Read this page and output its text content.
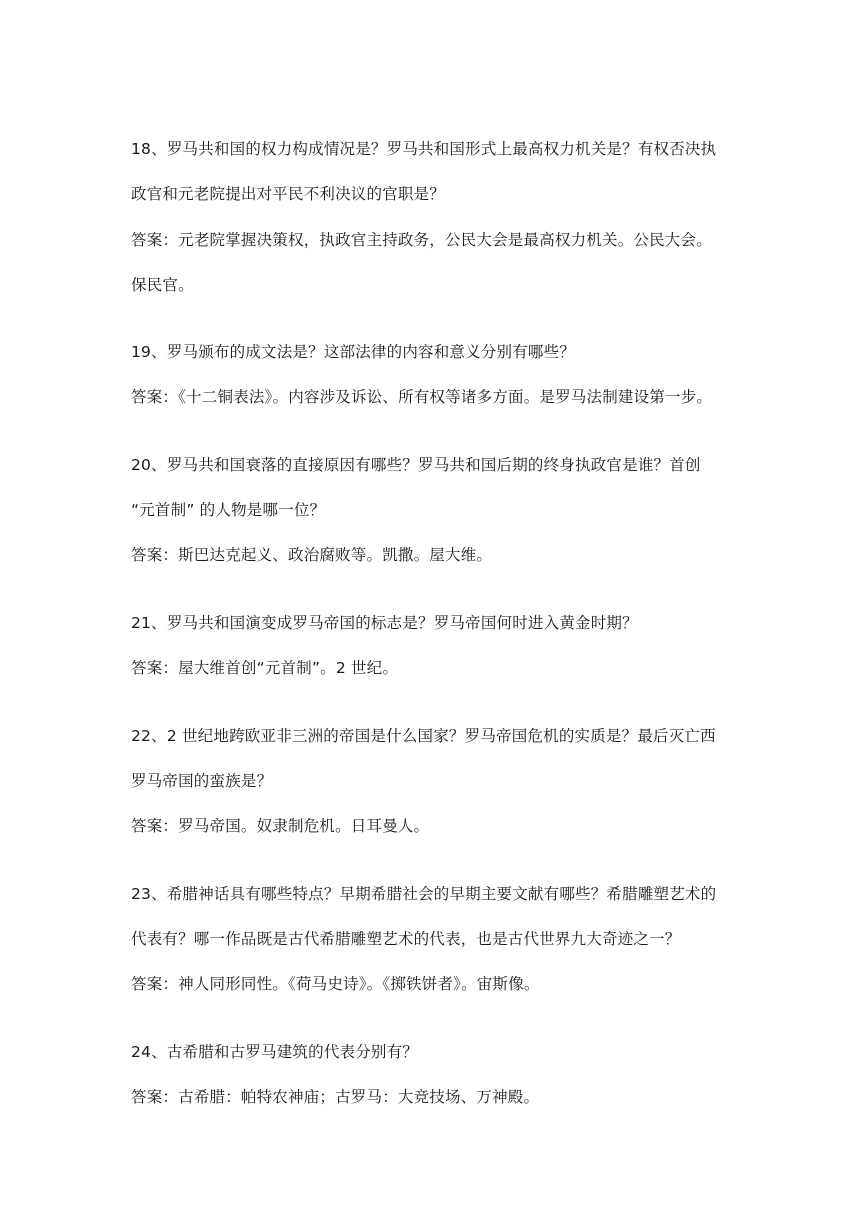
18、罗马共和国的权力构成情况是？罗马共和国形式上最高权力机关是？有权否决执

政官和元老院提出对平民不利决议的官职是？

答案：元老院掌握决策权，执政官主持政务，公民大会是最高权力机关。公民大会。

保民官。

19、罗马颁布的成文法是？这部法律的内容和意义分别有哪些？

答案：《十二铜表法》。内容涉及诉讼、所有权等诸多方面。是罗马法制建设第一步。

20、罗马共和国衰落的直接原因有哪些？罗马共和国后期的终身执政官是谁？首创

“元首制” 的人物是哪一位？

答案：斯巴达克起义、政治腐败等。凯撒。屋大维。

21、罗马共和国演变成罗马帝国的标志是？罗马帝国何时进入黄金时期？

答案：屋大维首创“元首制”。2 世纪。

22、2 世纪地跨欧亚非三洲的帝国是什么国家？罗马帝国危机的实质是？最后灭亡西

罗马帝国的蛮族是？

答案：罗马帝国。奴隶制危机。日耳曼人。

23、希腊神话具有哪些特点？早期希腊社会的早期主要文献有哪些？希腊雕塑艺术的

代表有？哪一作品既是古代希腊雕塑艺术的代表，也是古代世界九大奇迹之一？

答案：神人同形同性。《荷马史诗》。《掷铁饼者》。宙斯像。

24、古希腊和古罗马建筑的代表分别有？

答案：古希腊：帕特农神庙；古罗马：大竞技场、万神殿。
